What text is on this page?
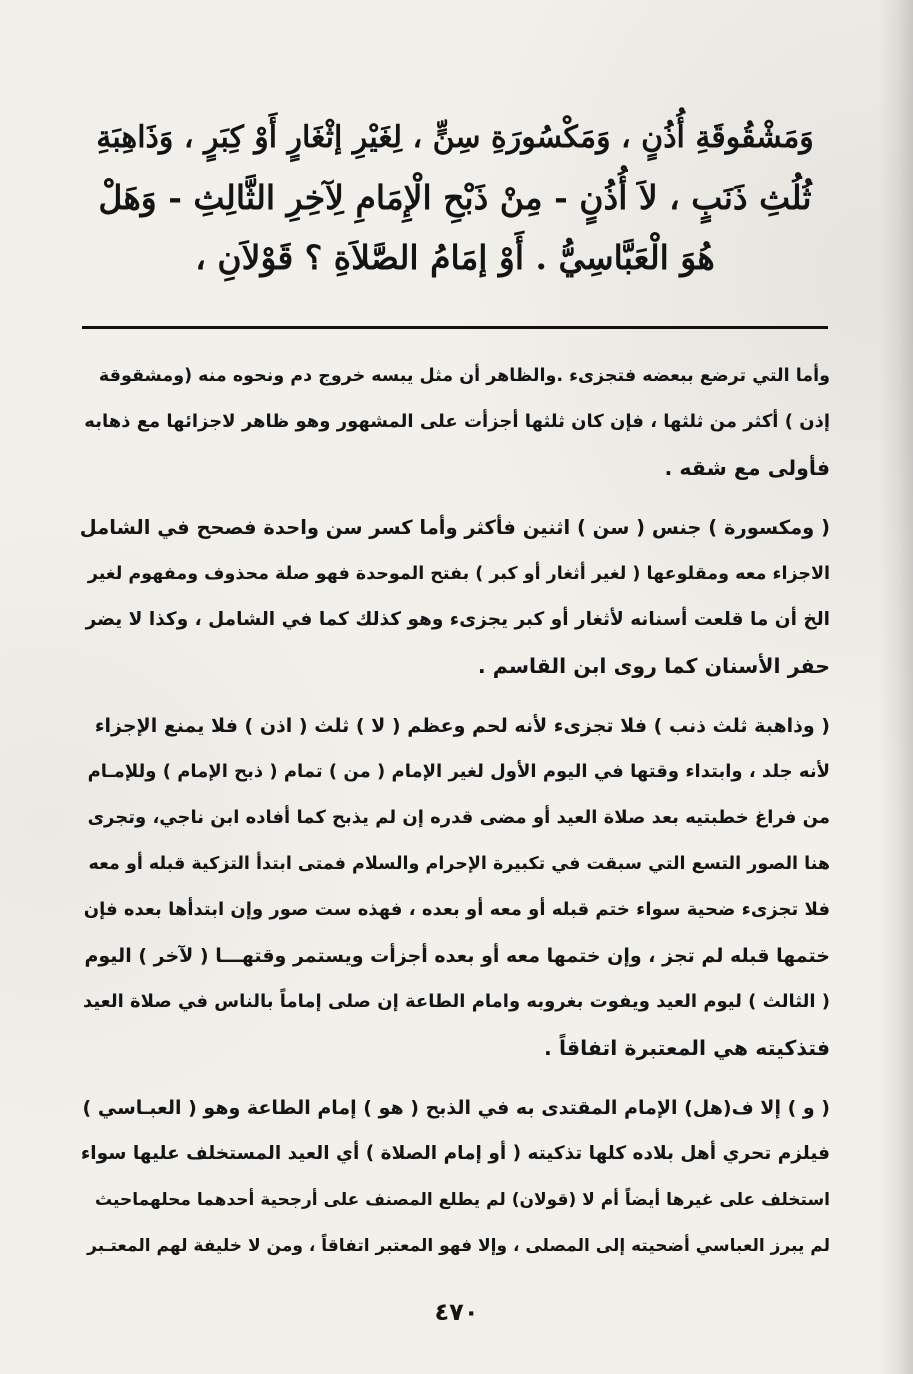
وَمَشْقُوقَةِ أُذُنٍ ، وَمَكْسُورَةِ سِنٍّ ، لِغَيْرِ إثْغَارٍ أَوْ كِبَرٍ ، وَذَاهِبَةِ
ثُلُثِ ذَنَبٍ ، لاَ أُذُنٍ - مِنْ ذَبْحِ الْإِمَامِ لِآخِرِ الثَّالِثِ - وَهَلْ
هُوَ الْعَبَّاسِيُّ . أَوْ إمَامُ الصَّلاَةِ ؟ قَوْلاَنِ ،
وأما التي ترضع ببعضه فتجزىء .والظاهر أن مثل يبسه خروج دم ونحوه منه (ومشقوقة
إذن ) أكثر من ثلثها ، فإن كان ثلثها أجزأت على المشهور وهو ظاهر لاجزائها مع ذهابه
فأولى مع شقه .
( ومكسورة ) جنس ( سن ) اثنين فأكثر وأما كسر سن واحدة فصحح في الشامل
الاجزاء معه ومقلوعها ( لغير أثغار أو كبر ) بفتح الموحدة فهو صلة محذوف ومفهوم لغير
الخ أن ما قلعت أسنانه لأثغار أو كبر يجزىء وهو كذلك كما في الشامل ، وكذا لا يضر
حفر الأسنان كما روى ابن القاسم .
( وذاهبة ثلث ذنب ) فلا تجزىء لأنه لحم وعظم ( لا ) ثلث ( اذن ) فلا يمنع الإجزاء
لأنه جلد ، وابتداء وقتها في اليوم الأول لغير الإمام ( من ) تمام ( ذبح الإمام ) وللإمـام
من فراغ خطبتيه بعد صلاة العيد أو مضى قدره إن لم يذبح كما أفاده ابن ناجي، وتجرى
هنا الصور التسع التي سبقت في تكبيرة الإحرام والسلام فمتى ابتدأ التزكية قبله أو معه
فلا تجزىء ضحية سواء ختم قبله أو معه أو بعده ، فهذه ست صور وإن ابتدأها بعده فإن
ختمها قبله لم تجز ، وإن ختمها معه أو بعده أجزأت ويستمر وقتهـــا ( لآخر ) اليوم
( الثالث ) ليوم العيد ويفوت بغروبه وامام الطاعة إن صلى إماماً بالناس في صلاة العيد
فتذكيته هي المعتبرة اتفاقاً .
( و ) إلا ف(هل) الإمام المقتدى به في الذبح ( هو ) إمام الطاعة وهو ( العبـاسي )
فيلزم تحري أهل بلاده كلها تذكيته ( أو إمام الصلاة ) أي العيد المستخلف عليها سواء
استخلف على غيرها أيضاً أم لا (قولان) لم يطلع المصنف على أرجحية أحدهما محلهماحيث
لم يبرز العباسي أضحيته إلى المصلى ، وإلا فهو المعتبر اتفاقاً ، ومن لا خليفة لهم المعتـبر
٤٧٠
